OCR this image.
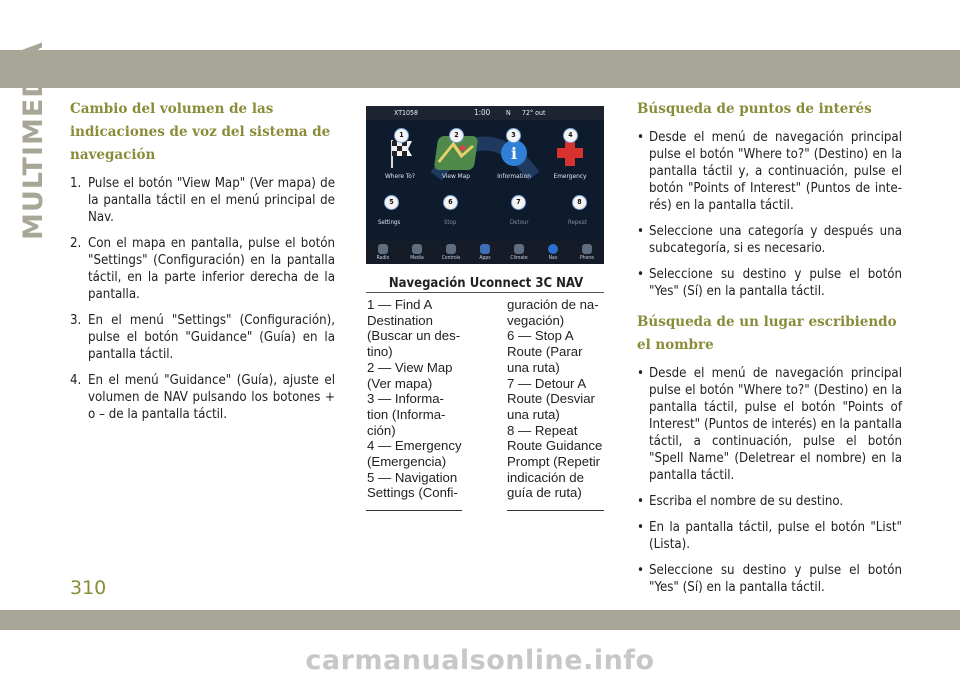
MULTIMEDIA Cambio del volumen de las indicaciones de voz del sistema de navegación
1. Pulse el botón "View Map" (Ver mapa) de la pantalla táctil en el menú principal de Nav.
2. Con el mapa en pantalla, pulse el botón "Settings" (Configuración) en la pantalla táctil, en la parte inferior derecha de la pantalla.
3. En el menú "Settings" (Configuración), pulse el botón "Guidance" (Guía) en la pantalla táctil.
4. En el menú "Guidance" (Guía), ajuste el volumen de NAV pulsando los botones + o – de la pantalla táctil.
XT1058	1:00 N 72° out
Where To?	View Map
i
Information	Emergency
1	2	3	4
5	6	7	8
Settings	Stop	Detour	Repeat
Radio	Media	Controls	Apps	Climate	Nav	Phone
Navegación Uconnect 3C NAV
1 — Find A Destination (Buscar un des- tino)
2 — View Map (Ver mapa)
3 — Informa- tion (Informa- ción)
4 — Emergency (Emergencia)
5 — Navigation Settings (Confi-
guración de na- vegación)
6 — Stop A Route (Parar una ruta)
7 — Detour A Route (Desviar una ruta)
8 — Repeat Route Guidance Prompt (Repetir indicación de guía de ruta)
Búsqueda de puntos de interés
• Desde el menú de navegación principal pulse el botón "Where to?" (Destino) en la pantalla táctil y, a continuación, pulse el botón "Points of Interest" (Puntos de inte- rés) en la pantalla táctil.
• Seleccione una categoría y después una subcategoría, si es necesario.
• Seleccione su destino y pulse el botón "Yes" (Sí) en la pantalla táctil.
Búsqueda de un lugar escribiendo el nombre
• Desde el menú de navegación principal pulse el botón "Where to?" (Destino) en la pantalla táctil, pulse el botón "Points of Interest" (Puntos de interés) en la pantalla táctil, a continuación, pulse el botón "Spell Name" (Deletrear el nombre) en la pantalla táctil.
• Escriba el nombre de su destino.
• En la pantalla táctil, pulse el botón "List" (Lista).
• Seleccione su destino y pulse el botón "Yes" (Sí) en la pantalla táctil.
310
carmanualsonline.info
